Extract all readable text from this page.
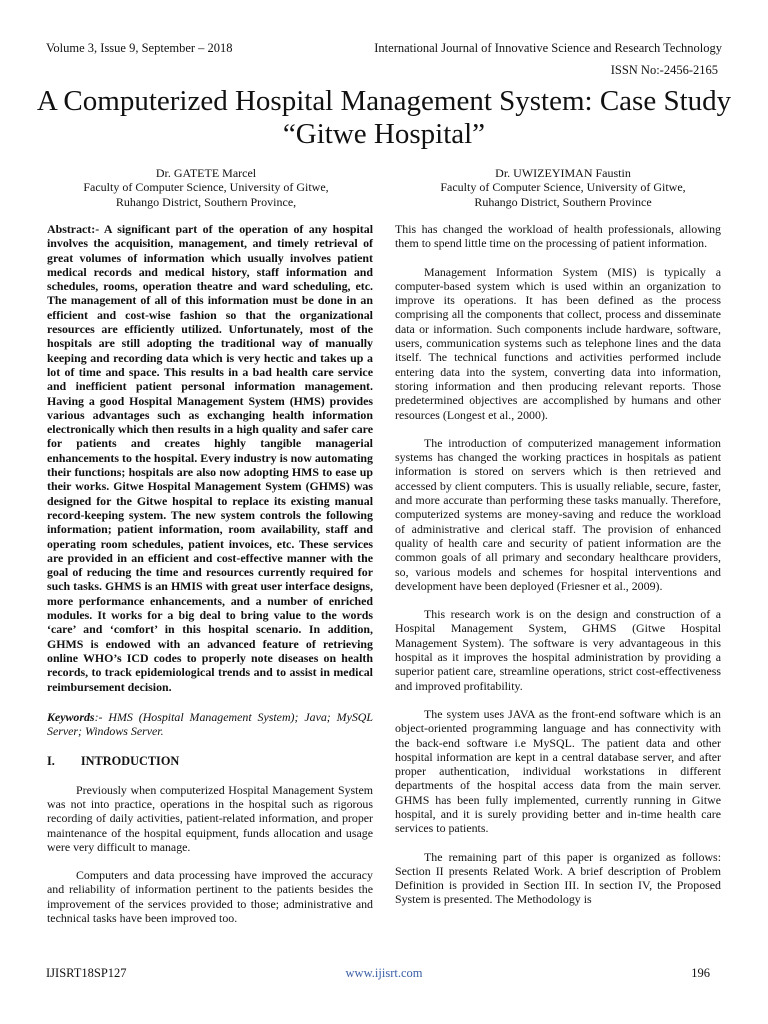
Volume 3, Issue 9, September – 2018	International Journal of Innovative Science and Research Technology
ISSN No:-2456-2165
A Computerized Hospital Management System: Case Study “Gitwe Hospital”
Dr. GATETE Marcel
Faculty of Computer Science, University of Gitwe,
Ruhango District, Southern Province,
Dr. UWIZEYIMAN Faustin
Faculty of Computer Science, University of Gitwe,
Ruhango District, Southern Province

Abstract:- A significant part of the operation of any hospital involves the acquisition, management, and timely retrieval of great volumes of information which usually involves patient medical records and medical history, staff information and schedules, rooms, operation theatre and ward scheduling, etc. The management of all of this information must be done in an efficient and cost-wise fashion so that the organizational resources are efficiently utilized. Unfortunately, most of the hospitals are still adopting the traditional way of manually keeping and recording data which is very hectic and takes up a lot of time and space. This results in a bad health care service and inefficient patient personal information management. Having a good Hospital Management System (HMS) provides various advantages such as exchanging health information electronically which then results in a high quality and safer care for patients and creates highly tangible managerial enhancements to the hospital. Every industry is now automating their functions; hospitals are also now adopting HMS to ease up their works. Gitwe Hospital Management System (GHMS) was designed for the Gitwe hospital to replace its existing manual record-keeping system. The new system controls the following information; patient information, room availability, staff and operating room schedules, patient invoices, etc. These services are provided in an efficient and cost-effective manner with the goal of reducing the time and resources currently required for such tasks. GHMS is an HMIS with great user interface designs, more performance enhancements, and a number of enriched modules. It works for a big deal to bring value to the words ‘care’ and ‘comfort’ in this hospital scenario. In addition, GHMS is endowed with an advanced feature of retrieving online WHO’s ICD codes to properly note diseases on health records, to track epidemiological trends and to assist in medical reimbursement decision.

Keywords:- HMS (Hospital Management System); Java; MySQL Server; Windows Server.

I. INTRODUCTION

Previously when computerized Hospital Management System was not into practice, operations in the hospital such as rigorous recording of daily activities, patient-related information, and proper maintenance of the hospital equipment, funds allocation and usage were very difficult to manage.

Computers and data processing have improved the accuracy and reliability of information pertinent to the patients besides the improvement of the services provided to those; administrative and technical tasks have been improved too.

This has changed the workload of health professionals, allowing them to spend little time on the processing of patient information.

Management Information System (MIS) is typically a computer-based system which is used within an organization to improve its operations. It has been defined as the process comprising all the components that collect, process and disseminate data or information. Such components include hardware, software, users, communication systems such as telephone lines and the data itself. The technical functions and activities performed include entering data into the system, converting data into information, storing information and then producing relevant reports. Those predetermined objectives are accomplished by humans and other resources (Longest et al., 2000).

The introduction of computerized management information systems has changed the working practices in hospitals as patient information is stored on servers which is then retrieved and accessed by client computers. This is usually reliable, secure, faster, and more accurate than performing these tasks manually. Therefore, computerized systems are money-saving and reduce the workload of administrative and clerical staff. The provision of enhanced quality of health care and security of patient information are the common goals of all primary and secondary healthcare providers, so, various models and schemes for hospital interventions and development have been deployed (Friesner et al., 2009).

This research work is on the design and construction of a Hospital Management System, GHMS (Gitwe Hospital Management System). The software is very advantageous in this hospital as it improves the hospital administration by providing a superior patient care, streamline operations, strict cost-effectiveness and improved profitability.

The system uses JAVA as the front-end software which is an object-oriented programming language and has connectivity with the back-end software i.e MySQL. The patient data and other hospital information are kept in a central database server, and after proper authentication, individual workstations in different departments of the hospital access data from the main server. GHMS has been fully implemented, currently running in Gitwe hospital, and it is surely providing better and in-time health care services to patients.

The remaining part of this paper is organized as follows: Section II presents Related Work. A brief description of Problem Definition is provided in Section III. In section IV, the Proposed System is presented. The Methodology is

IJISRT18SP127	www.ijisrt.com	196
